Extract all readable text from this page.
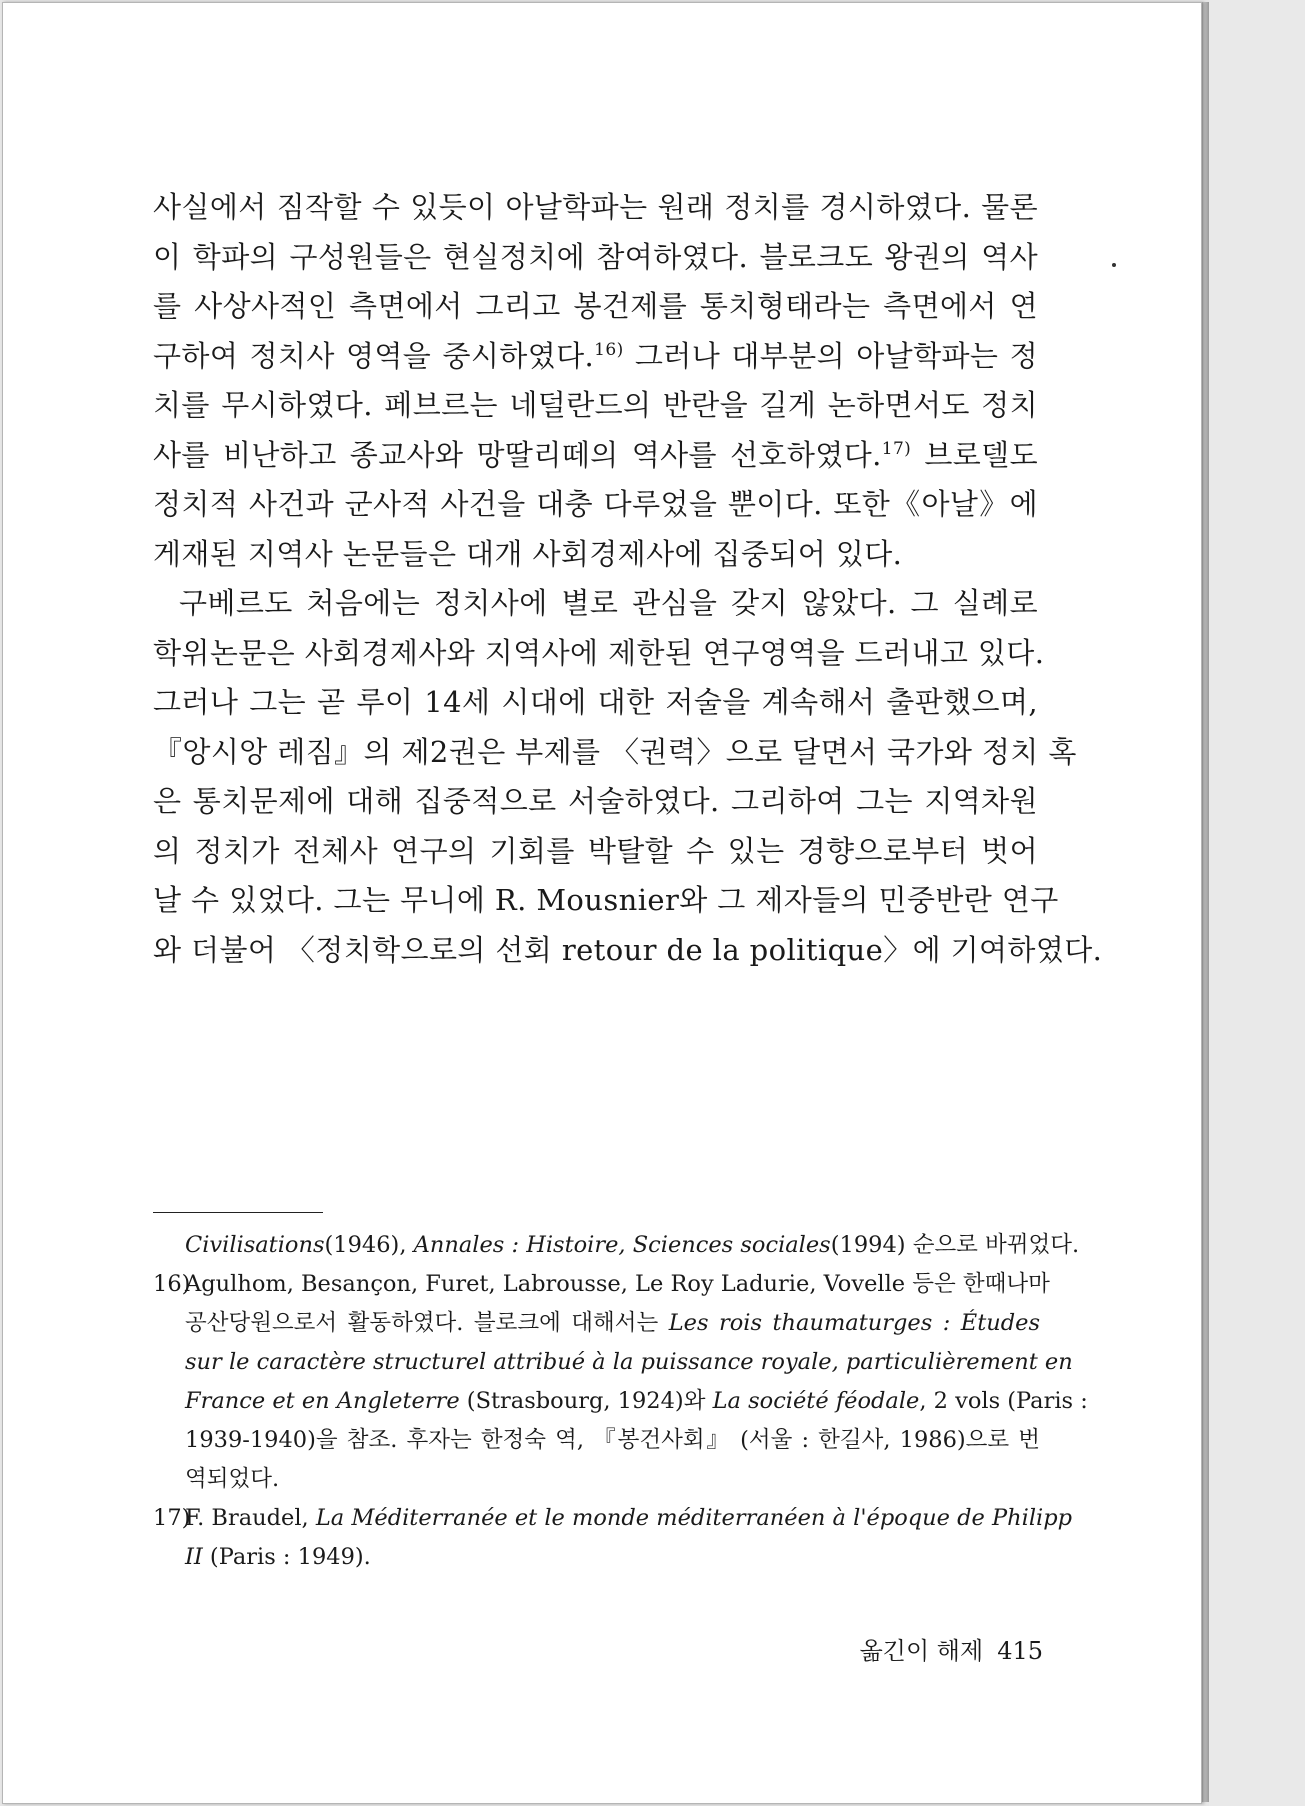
사실에서 짐작할 수 있듯이 아날학파는 원래 정치를 경시하였다. 물론
이 학파의 구성원들은 현실정치에 참여하였다. 블로크도 왕권의 역사
를 사상사적인 측면에서 그리고 봉건제를 통치형태라는 측면에서 연
구하여 정치사 영역을 중시하였다.$^{16)}$ 그러나 대부분의 아날학파는 정
치를 무시하였다. 페브르는 네덜란드의 반란을 길게 논하면서도 정치
사를 비난하고 종교사와 망딸리떼의 역사를 선호하였다.$^{17)}$ 브로델도
정치적 사건과 군사적 사건을 대충 다루었을 뿐이다. 또한《아날》에
게재된 지역사 논문들은 대개 사회경제사에 집중되어 있다.

구베르도 처음에는 정치사에 별로 관심을 갖지 않았다. 그 실례로
학위논문은 사회경제사와 지역사에 제한된 연구영역을 드러내고 있다.
그러나 그는 곧 루이 14세 시대에 대한 저술을 계속해서 출판했으며,
『앙시앙 레짐』의 제2권은 부제를 〈권력〉으로 달면서 국가와 정치 혹
은 통치문제에 대해 집중적으로 서술하였다. 그리하여 그는 지역차원
의 정치가 전체사 연구의 기회를 박탈할 수 있는 경향으로부터 벗어
날 수 있었다. 그는 무니에 R. Mousnier와 그 제자들의 민중반란 연구
와 더불어 〈정치학으로의 선회 retour de la politique〉에 기여하였다.

Civilisations(1946), Annales : Histoire, Sciences sociales(1994) 순으로 바뀌었다.
16)Agulhom, Besançon, Furet, Labrousse, Le Roy Ladurie, Vovelle 등은 한때나마
공산당원으로서 활동하였다. 블로크에 대해서는 Les rois thaumaturges : Études
sur le caractère structurel attribué à la puissance royale, particulièrement en
France et en Angleterre (Strasbourg, 1924)와 La société féodale, 2 vols (Paris :
1939-1940)을 참조. 후자는 한정숙 역, 『봉건사회』 (서울 : 한길사, 1986)으로 번
역되었다.
17)F. Braudel, La Méditerranée et le monde méditerranéen à l'époque de Philipp
II (Paris : 1949).
옮긴이 해제 415
